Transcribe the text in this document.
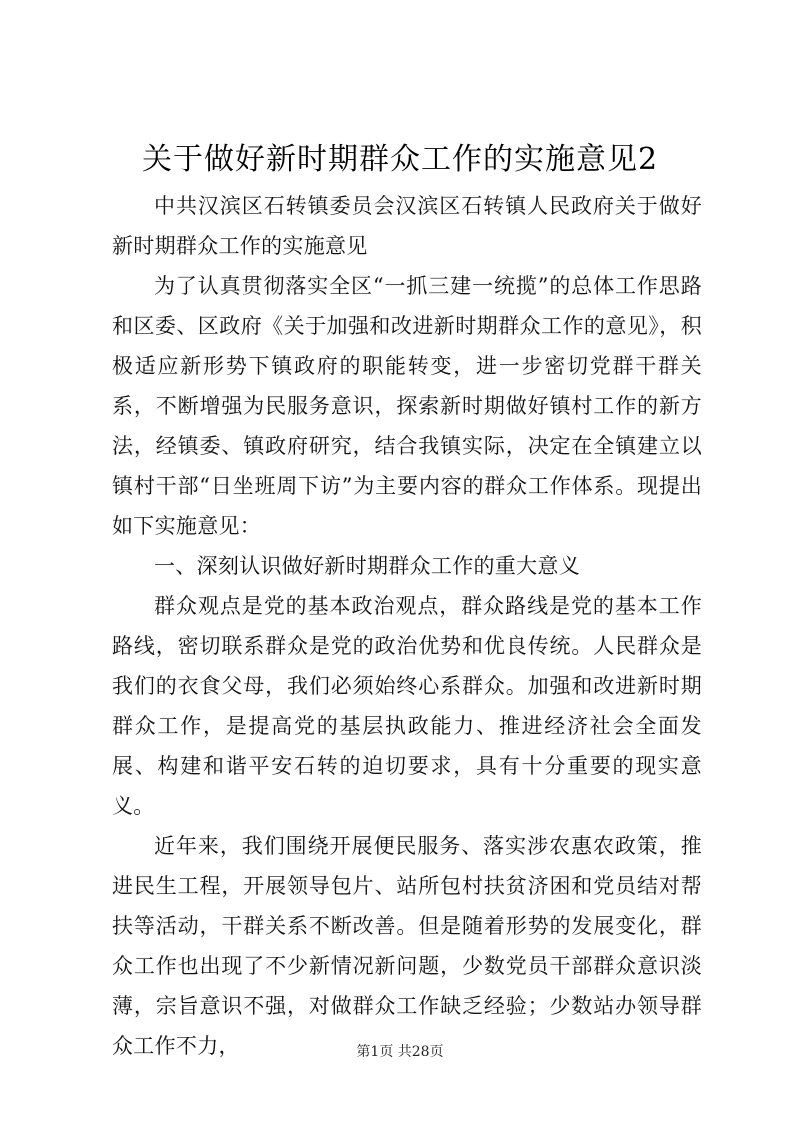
关于做好新时期群众工作的实施意见2

中共汉滨区石转镇委员会汉滨区石转镇人民政府关于做好新时期群众工作的实施意见

为了认真贯彻落实全区“一抓三建一统揽”的总体工作思路和区委、区政府《关于加强和改进新时期群众工作的意见》，积极适应新形势下镇政府的职能转变，进一步密切党群干群关系，不断增强为民服务意识，探索新时期做好镇村工作的新方法，经镇委、镇政府研究，结合我镇实际，决定在全镇建立以镇村干部“日坐班周下访”为主要内容的群众工作体系。现提出如下实施意见：

一、深刻认识做好新时期群众工作的重大意义

群众观点是党的基本政治观点，群众路线是党的基本工作路线，密切联系群众是党的政治优势和优良传统。人民群众是我们的衣食父母，我们必须始终心系群众。加强和改进新时期群众工作，是提高党的基层执政能力、推进经济社会全面发展、构建和谐平安石转的迫切要求，具有十分重要的现实意义。

近年来，我们围绕开展便民服务、落实涉农惠农政策，推进民生工程，开展领导包片、站所包村扶贫济困和党员结对帮扶等活动，干群关系不断改善。但是随着形势的发展变化，群众工作也出现了不少新情况新问题，少数党员干部群众意识淡薄，宗旨意识不强，对做群众工作缺乏经验；少数站办领导群众工作不力，	第1页 共28页
